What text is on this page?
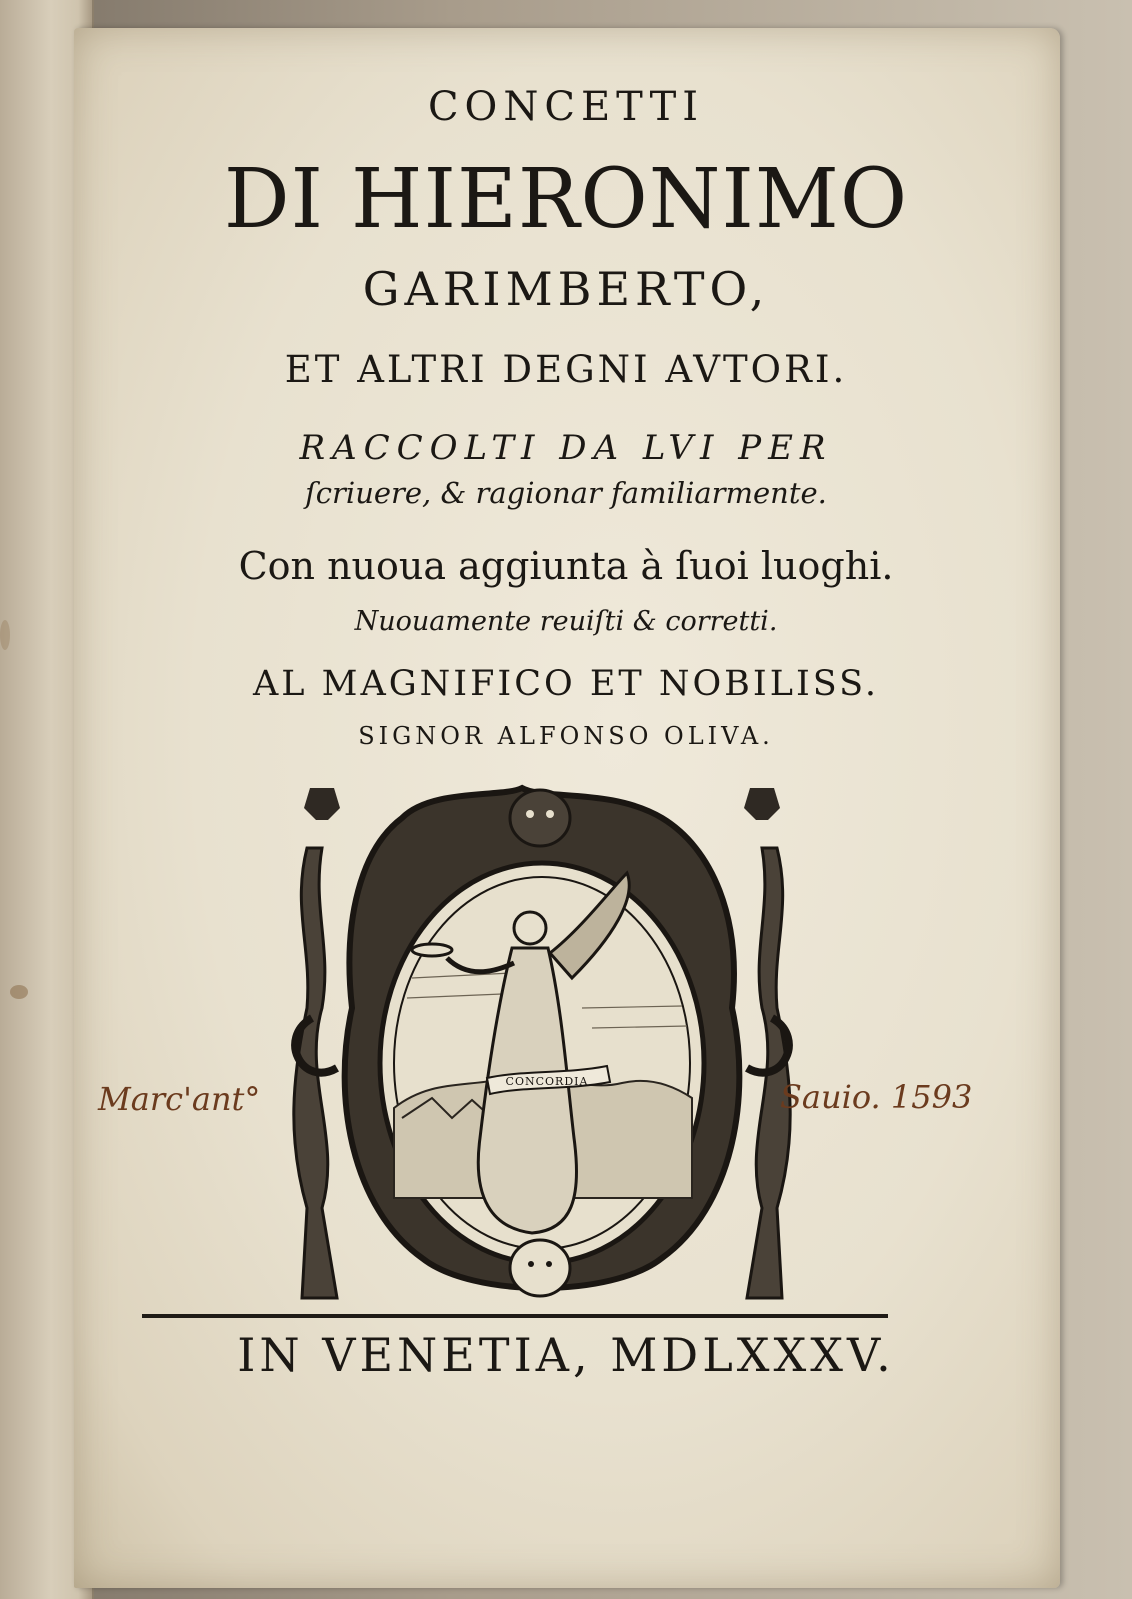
CONCETTI
DI HIERONIMO
GARIMBERTO,
ET ALTRI DEGNI AVTORI.
RACCOLTI DA LVI PER
ſcriuere, & ragionar familiarmente.
Con nuoua aggiunta à ſuoi luoghi.
Nuouamente reuiſti & corretti.
AL MAGNIFICO ET NOBILISS.
SIGNOR ALFONSO OLIVA.
CONCORDIA
IN VENETIA, MDLXXXV.
Marc'ant°	Sauio. 1593
